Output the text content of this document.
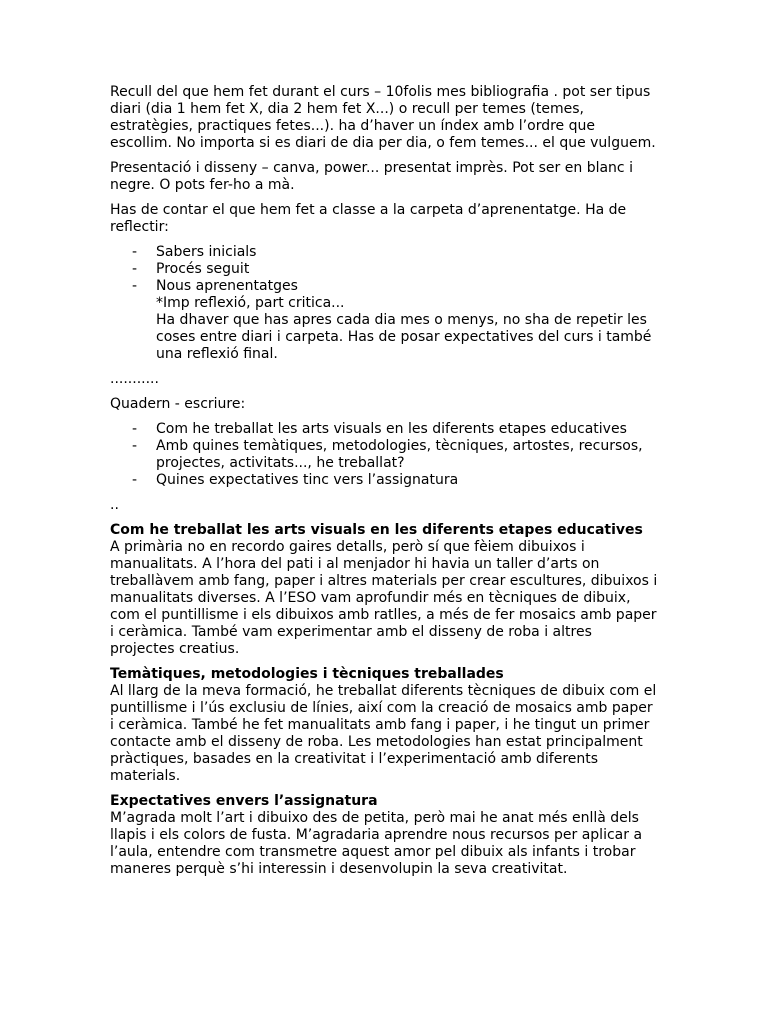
Recull del que hem fet durant el curs – 10folis mes bibliografia . pot ser tipus diari (dia 1 hem fet X, dia 2 hem fet X...) o recull per temes (temes, estratègies, practiques fetes...). ha d’haver un índex amb l’ordre que escollim. No importa si es diari de dia per dia, o fem temes... el que vulguem.

Presentació i disseny – canva, power... presentat imprès. Pot ser en blanc i negre. O pots fer-ho a mà.

Has de contar el que hem fet a classe a la carpeta d’aprenentatge. Ha de reflectir:

- Sabers inicials
- Procés seguit
- Nous aprenentatges
*Imp reflexió, part critica...
Ha dhaver que has apres cada dia mes o menys, no sha de repetir les coses entre diari i carpeta. Has de posar expectatives del curs i també una reflexió final.

...........

Quadern - escriure:

- Com he treballat les arts visuals en les diferents etapes educatives
- Amb quines temàtiques, metodologies, tècniques, artostes, recursos, projectes, activitats..., he treballat?
- Quines expectatives tinc vers l’assignatura

..

Com he treballat les arts visuals en les diferents etapes educatives
A primària no en recordo gaires detalls, però sí que fèiem dibuixos i manualitats. A l’hora del pati i al menjador hi havia un taller d’arts on treballàvem amb fang, paper i altres materials per crear escultures, dibuixos i manualitats diverses. A l’ESO vam aprofundir més en tècniques de dibuix, com el puntillisme i els dibuixos amb ratlles, a més de fer mosaics amb paper i ceràmica. També vam experimentar amb el disseny de roba i altres projectes creatius.
Temàtiques, metodologies i tècniques treballades
Al llarg de la meva formació, he treballat diferents tècniques de dibuix com el puntillisme i l’ús exclusiu de línies, així com la creació de mosaics amb paper i ceràmica. També he fet manualitats amb fang i paper, i he tingut un primer contacte amb el disseny de roba. Les metodologies han estat principalment pràctiques, basades en la creativitat i l’experimentació amb diferents materials.
Expectatives envers l’assignatura
M’agrada molt l’art i dibuixo des de petita, però mai he anat més enllà dels llapis i els colors de fusta. M’agradaria aprendre nous recursos per aplicar a l’aula, entendre com transmetre aquest amor pel dibuix als infants i trobar maneres perquè s’hi interessin i desenvolupin la seva creativitat.
